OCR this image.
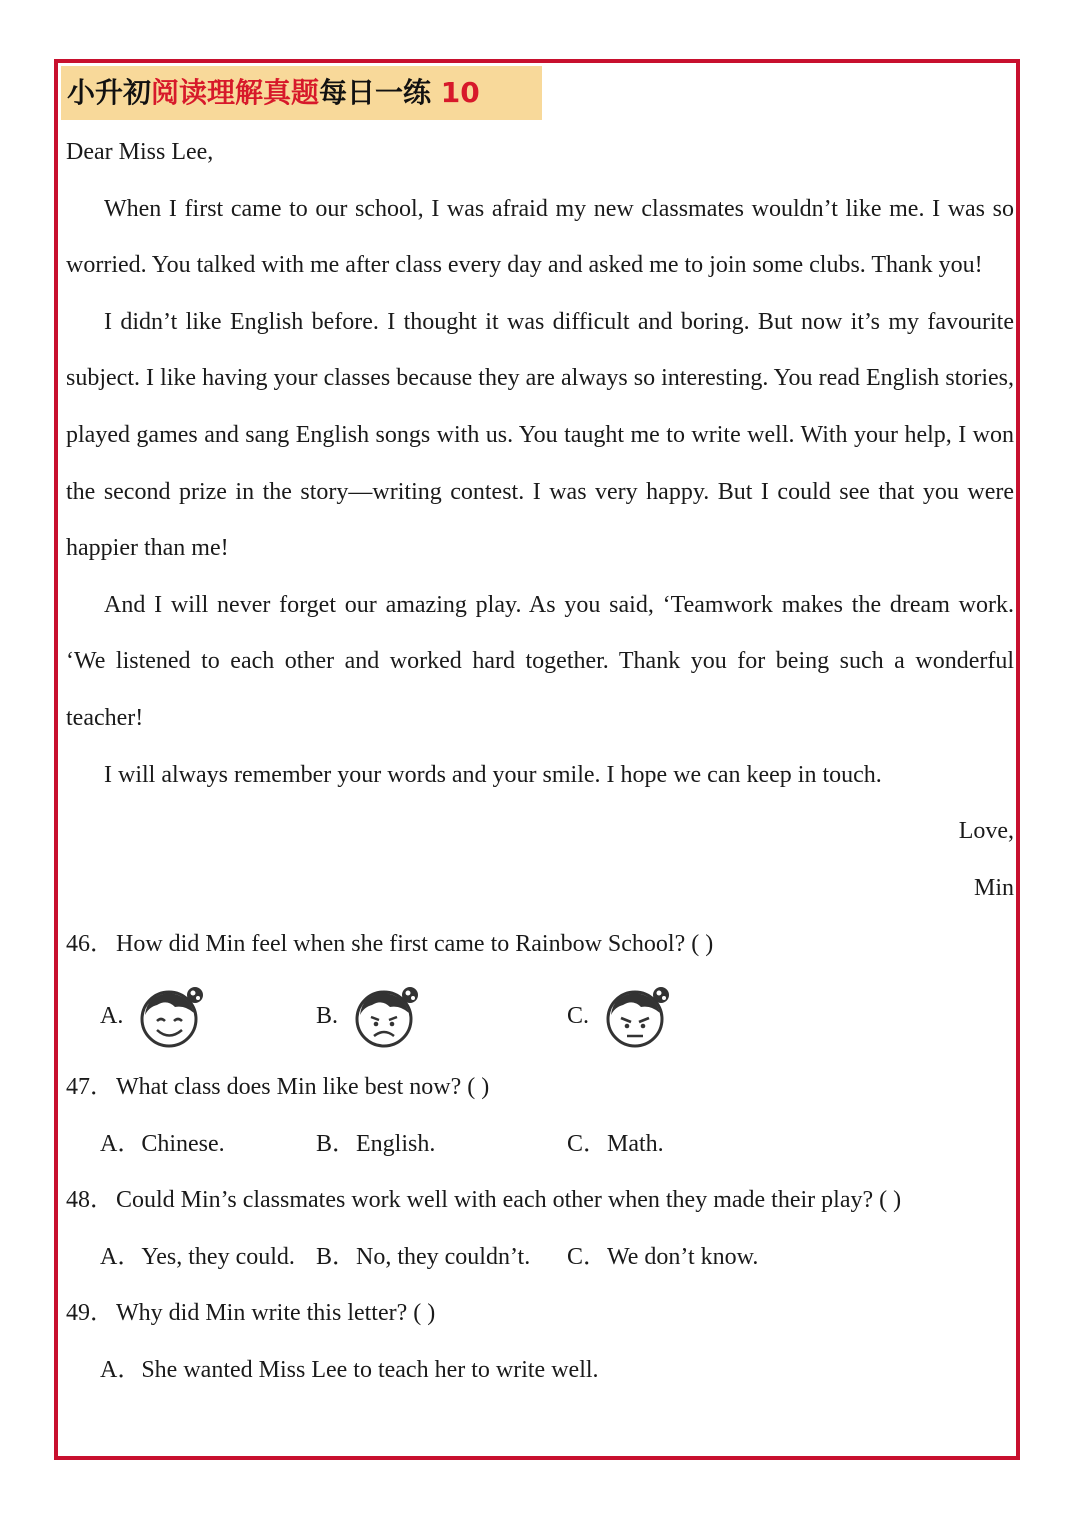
小升初阅读理解真题每日一练 10

Dear Miss Lee,

When I first came to our school, I was afraid my new classmates wouldn’t like me. I was so worried. You talked with me after class every day and asked me to join some clubs. Thank you!

I didn’t like English before. I thought it was difficult and boring. But now it’s my favourite subject. I like having your classes because they are always so interesting. You read English stories, played games and sang English songs with us. You taught me to write well. With your help, I won the second prize in the story—writing contest. I was very happy. But I could see that you were happier than me!

And I will never forget our amazing play. As you said, ‘Teamwork makes the dream work. ‘We listened to each other and worked hard together. Thank you for being such a wonderful teacher!

I will always remember your words and your smile. I hope we can keep in touch.

Love,

Min

46．How did Min feel when she first came to Rainbow School? ( )

A.	B.	C.

47．What class does Min like best now? ( )

A．Chinese.	B．English.	C．Math.

48．Could Min’s classmates work well with each other when they made their play? ( )

A．Yes, they could. B．No, they couldn’t. C．We don’t know.

49．Why did Min write this letter? ( )

A．She wanted Miss Lee to teach her to write well.
